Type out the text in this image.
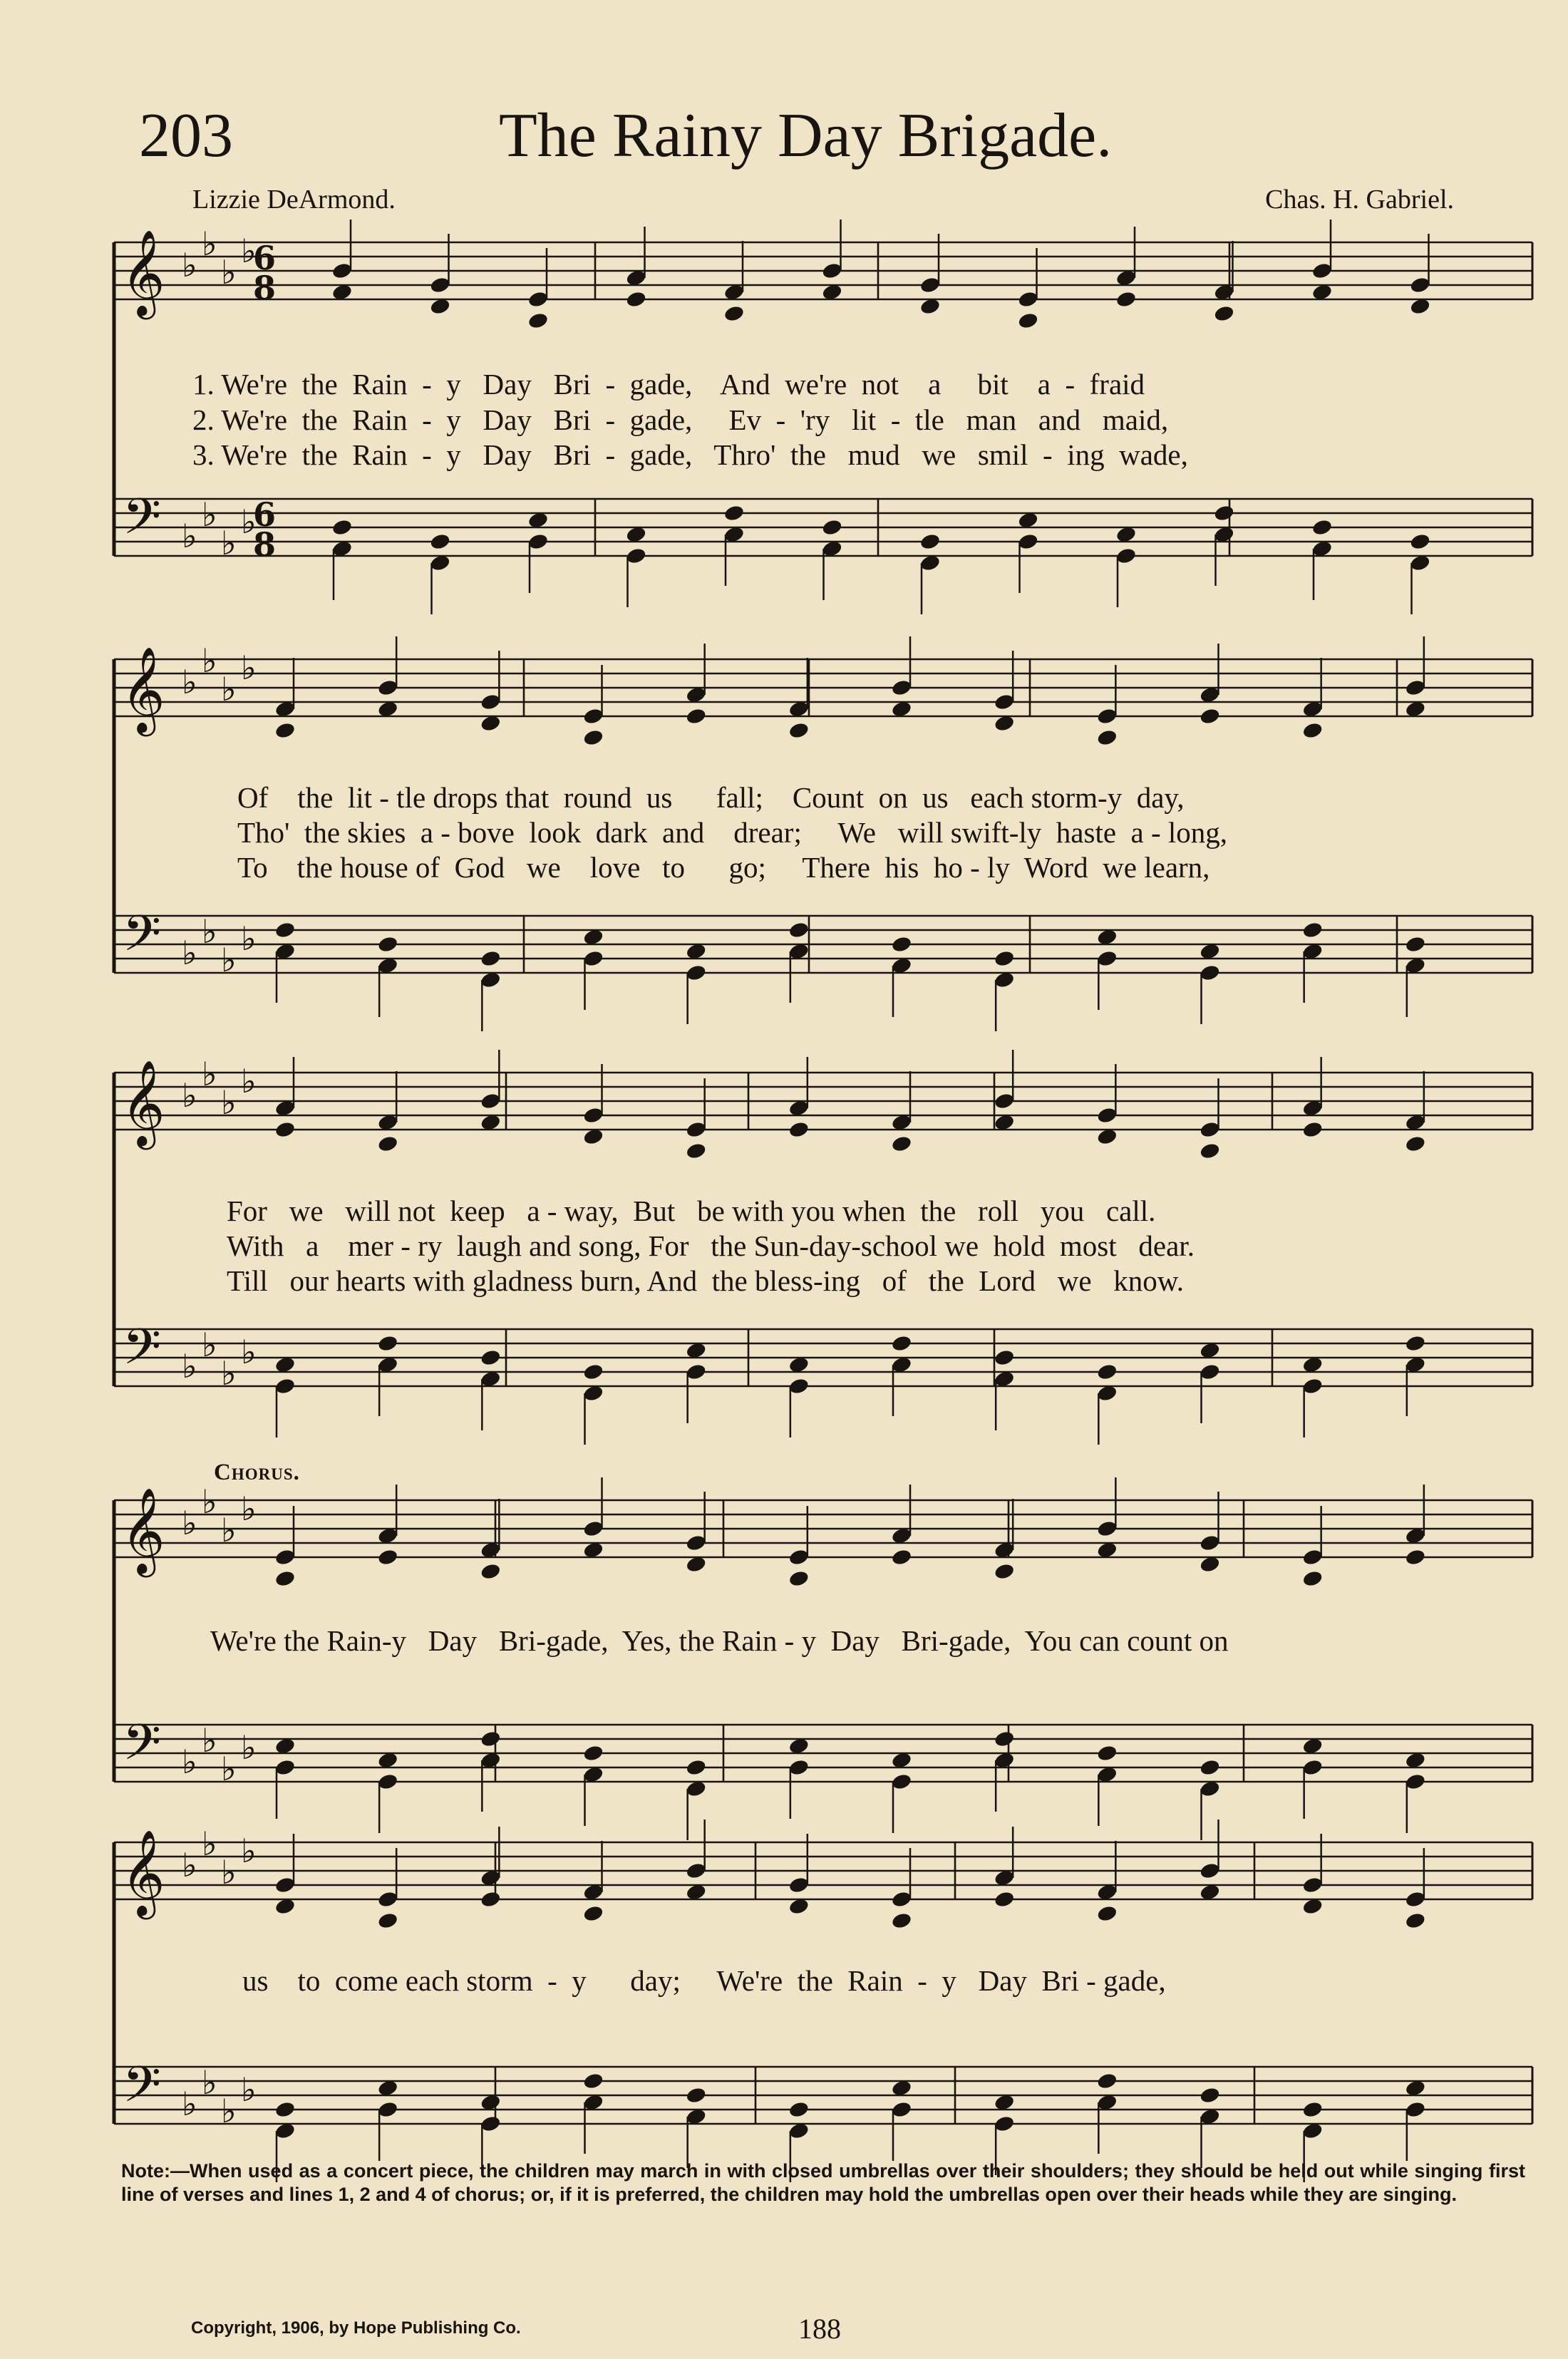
203	The Rainy Day Brigade.
Lizzie DeArmond.	Chas. H. Gabriel.
𝄞 ♭
♭
♭
♭
6
8
𝄢 ♭
♭
♭
♭
6
8
𝄞 ♭
♭
♭
♭
𝄢 ♭
♭
♭
♭
𝄞 ♭
♭
♭
♭
𝄢 ♭
♭
♭
♭
𝄞 ♭
♭
♭
♭
𝄢 ♭
♭
♭
♭
𝄞 ♭
♭
♭
♭
𝄢 ♭
♭
♭
♭
1. We're  the  Rain  -  y   Day   Bri  -  gade,    And  we're  not    a     bit    a  -  fraid
2. We're  the  Rain  -  y   Day   Bri  -  gade,     Ev  -  'ry   lit  -  tle   man   and   maid,
3. We're  the  Rain  -  y   Day   Bri  -  gade,   Thro'  the   mud   we   smil  -  ing  wade,
Of    the  lit - tle drops that  round  us      fall;    Count  on  us   each storm-y  day,
Tho'  the skies  a - bove  look  dark  and    drear;     We   will swift-ly  haste  a - long,
To    the house of  God   we    love   to      go;     There  his  ho - ly  Word  we learn,
For   we   will not  keep   a - way,  But   be with you when  the   roll   you   call.
With   a    mer - ry  laugh and song, For   the Sun-day-school we  hold  most   dear.
Till   our hearts with gladness burn, And  the bless-ing   of   the  Lord   we   know.
Chorus.
We're the Rain-y   Day   Bri-gade,  Yes, the Rain - y  Day   Bri-gade,  You can count on
us    to  come each storm  -  y      day;     We're  the  Rain  -  y   Day  Bri - gade,
Note:—When used as a concert piece, the children may march in with closed umbrellas over their shoulders; they should be held out while singing first line of verses and lines 1, 2 and 4 of chorus; or, if it is preferred, the children may hold the umbrellas open over their heads while they are singing.
Copyright, 1906, by Hope Publishing Co.	188
